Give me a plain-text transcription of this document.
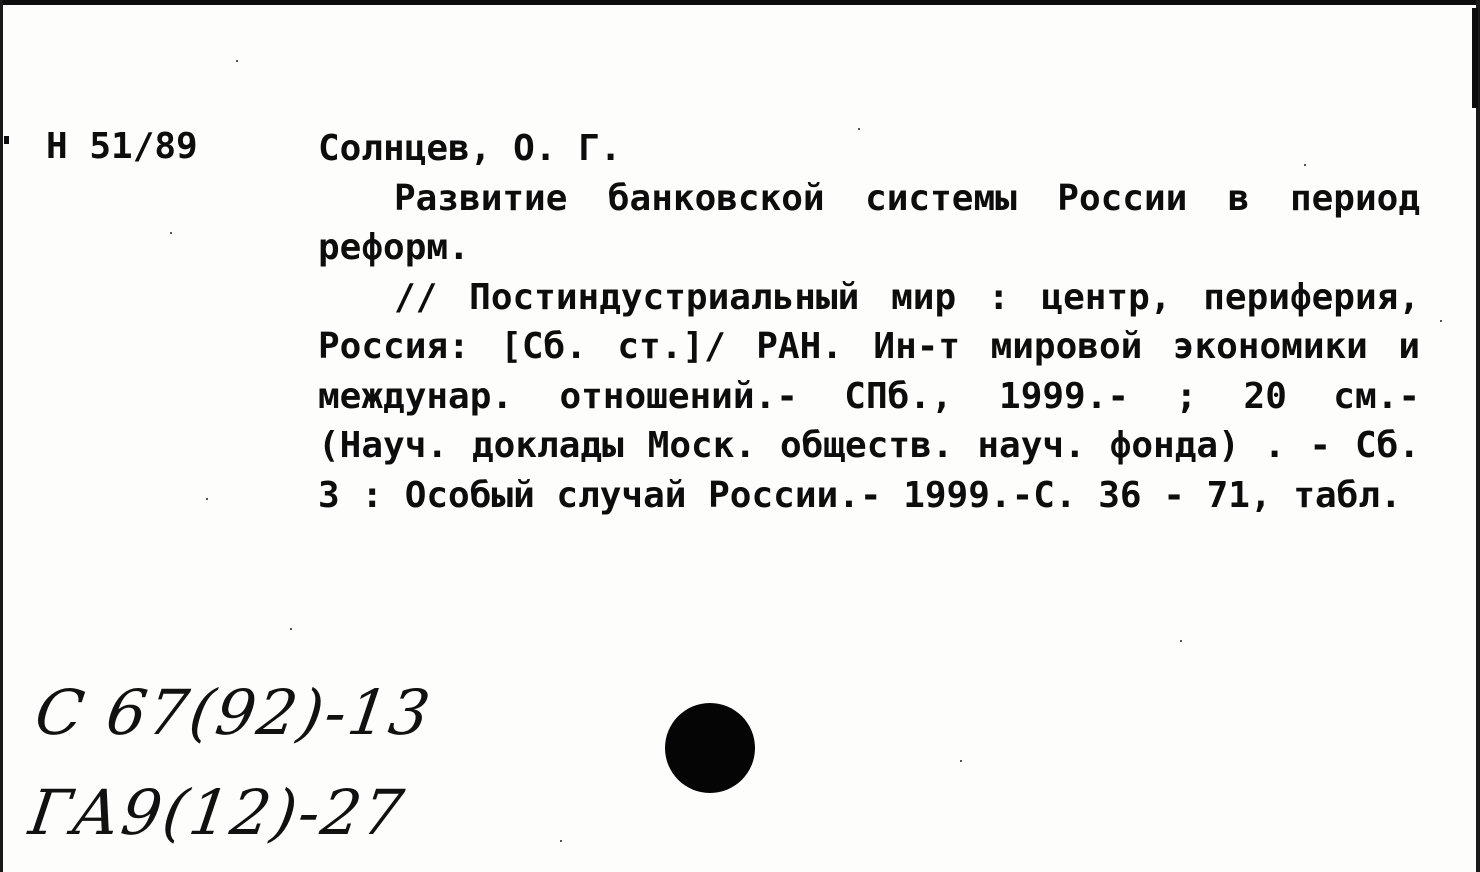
Н 51/89	Солнцев, О. Г.
Развитие банковской системы России в период реформ.
// Постиндустриальный мир : центр, периферия, Россия: [Сб. ст.]/ РАН. Ин-т мировой экономики и междунар. отношений.- СПб., 1999.- ; 20 см.- (Науч. доклады Моск. обществ. науч. фонда) . - Сб. 3 : Особый случай России.- 1999.-С. 36 - 71, табл.
С 67(92)-13
ГА9(12)-27
